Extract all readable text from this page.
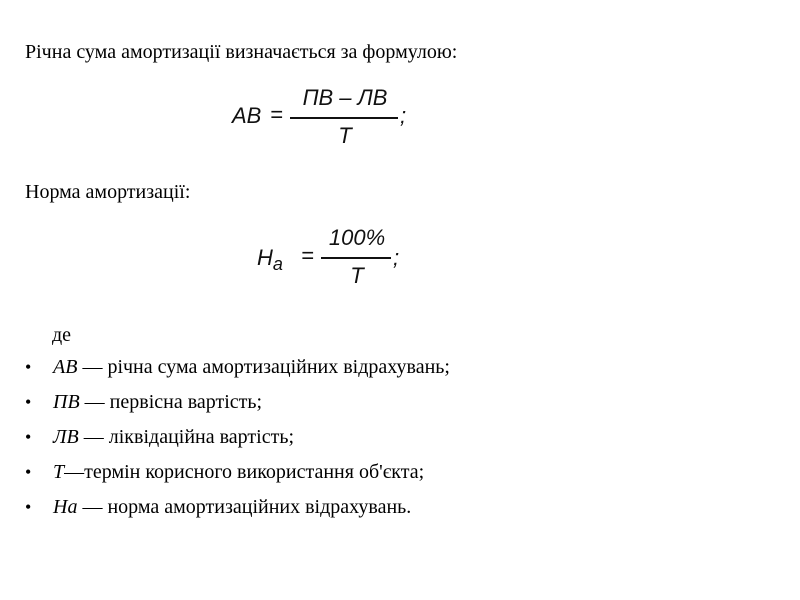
Річна сума амортизації визначається за формулою:
АВ =
ПВ – ЛВ
Т
;
Норма амортизації:
$Н_а$ =
100%
Т
;
де
• АВ — річна сума амортизаційних відрахувань;
• ПВ — первісна вартість;
• ЛВ — ліквідаційна вартість;
• Т—термін корисного використання об'єкта;
• На — норма амортизаційних відрахувань.
